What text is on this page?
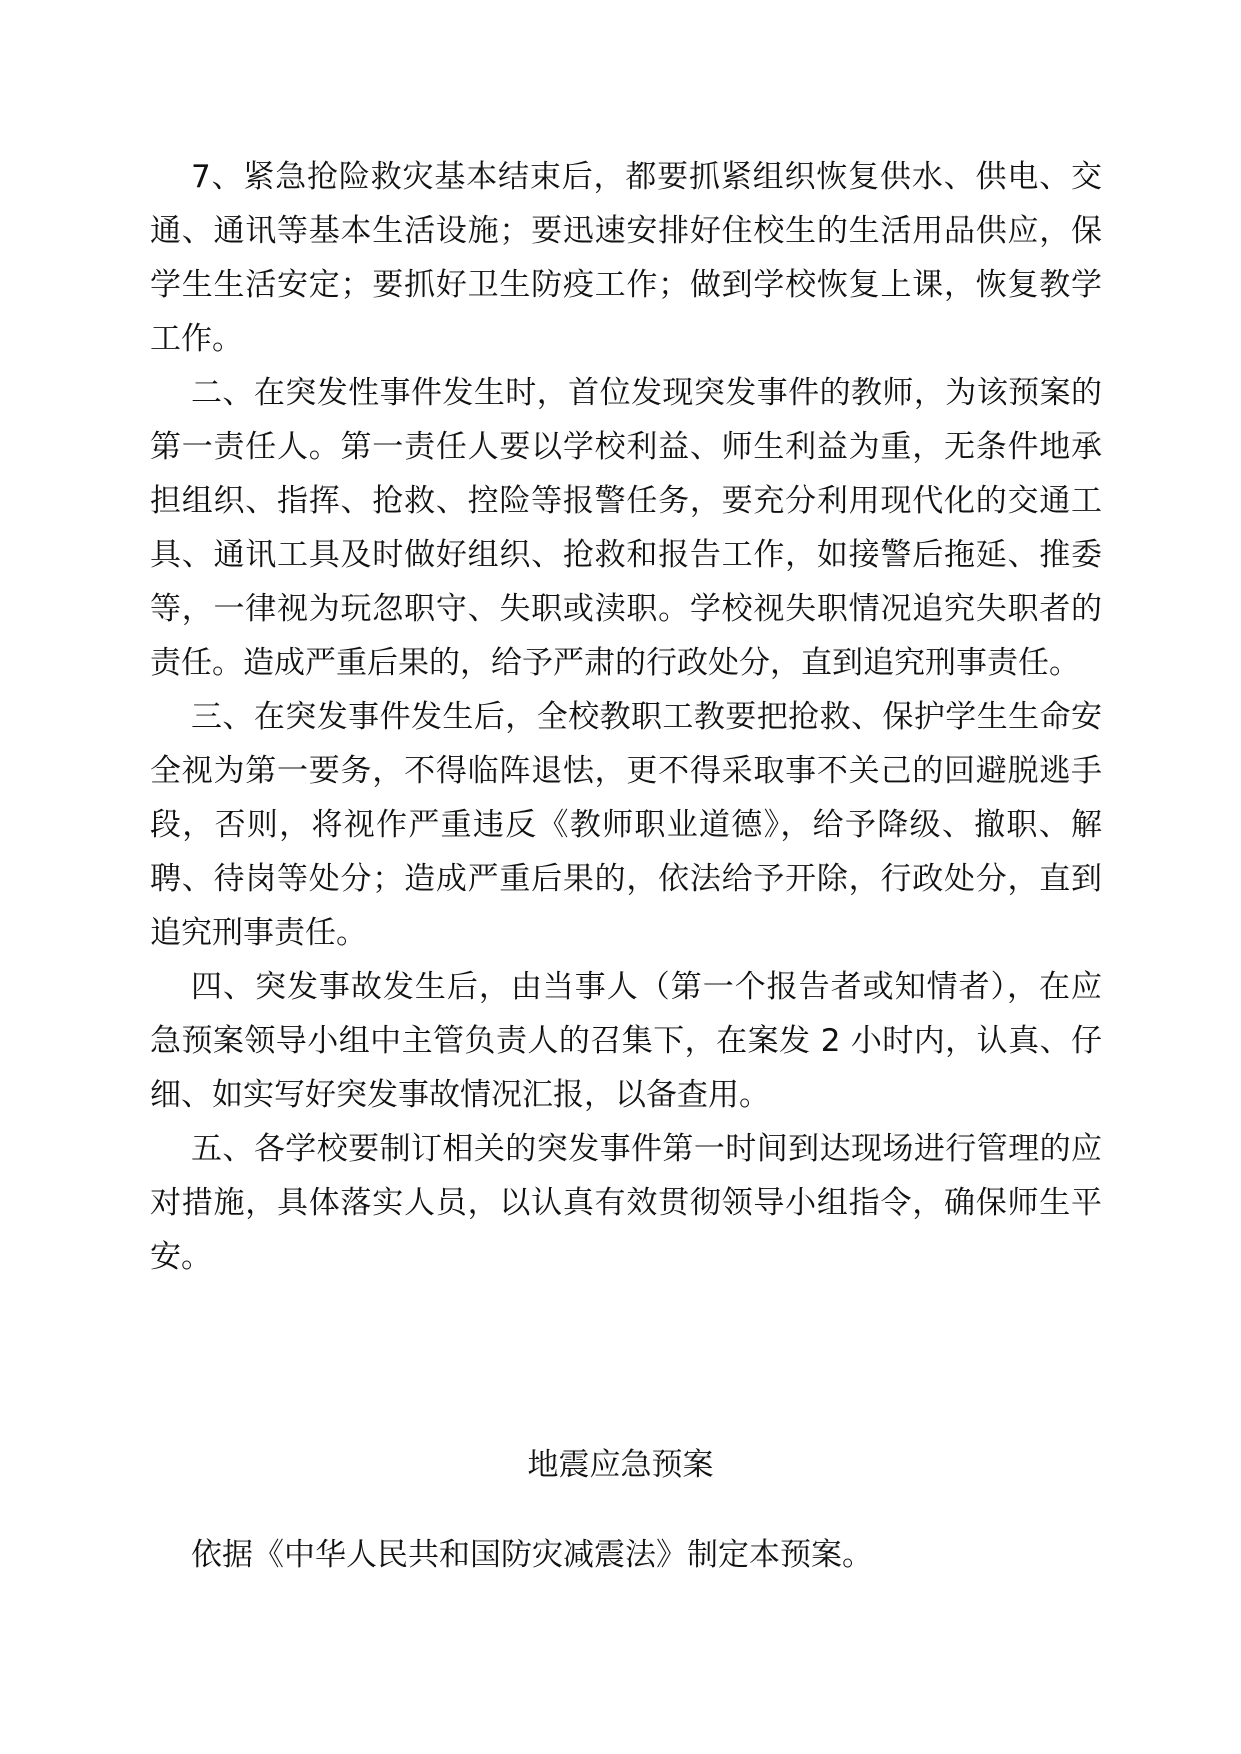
7、紧急抢险救灾基本结束后，都要抓紧组织恢复供水、供电、交通、通讯等基本生活设施；要迅速安排好住校生的生活用品供应，保学生生活安定；要抓好卫生防疫工作；做到学校恢复上课，恢复教学工作。

二、在突发性事件发生时，首位发现突发事件的教师，为该预案的第一责任人。第一责任人要以学校利益、师生利益为重，无条件地承担组织、指挥、抢救、控险等报警任务，要充分利用现代化的交通工具、通讯工具及时做好组织、抢救和报告工作，如接警后拖延、推委等，一律视为玩忽职守、失职或渎职。学校视失职情况追究失职者的责任。造成严重后果的，给予严肃的行政处分，直到追究刑事责任。

三、在突发事件发生后，全校教职工教要把抢救、保护学生生命安全视为第一要务，不得临阵退怯，更不得采取事不关己的回避脱逃手段，否则，将视作严重违反《教师职业道德》，给予降级、撤职、解聘、待岗等处分；造成严重后果的，依法给予开除，行政处分，直到追究刑事责任。

四、突发事故发生后，由当事人（第一个报告者或知情者），在应急预案领导小组中主管负责人的召集下，在案发 2 小时内，认真、仔细、如实写好突发事故情况汇报，以备查用。

五、各学校要制订相关的突发事件第一时间到达现场进行管理的应对措施，具体落实人员，以认真有效贯彻领导小组指令，确保师生平安。

地震应急预案

依据《中华人民共和国防灾减震法》制定本预案。
